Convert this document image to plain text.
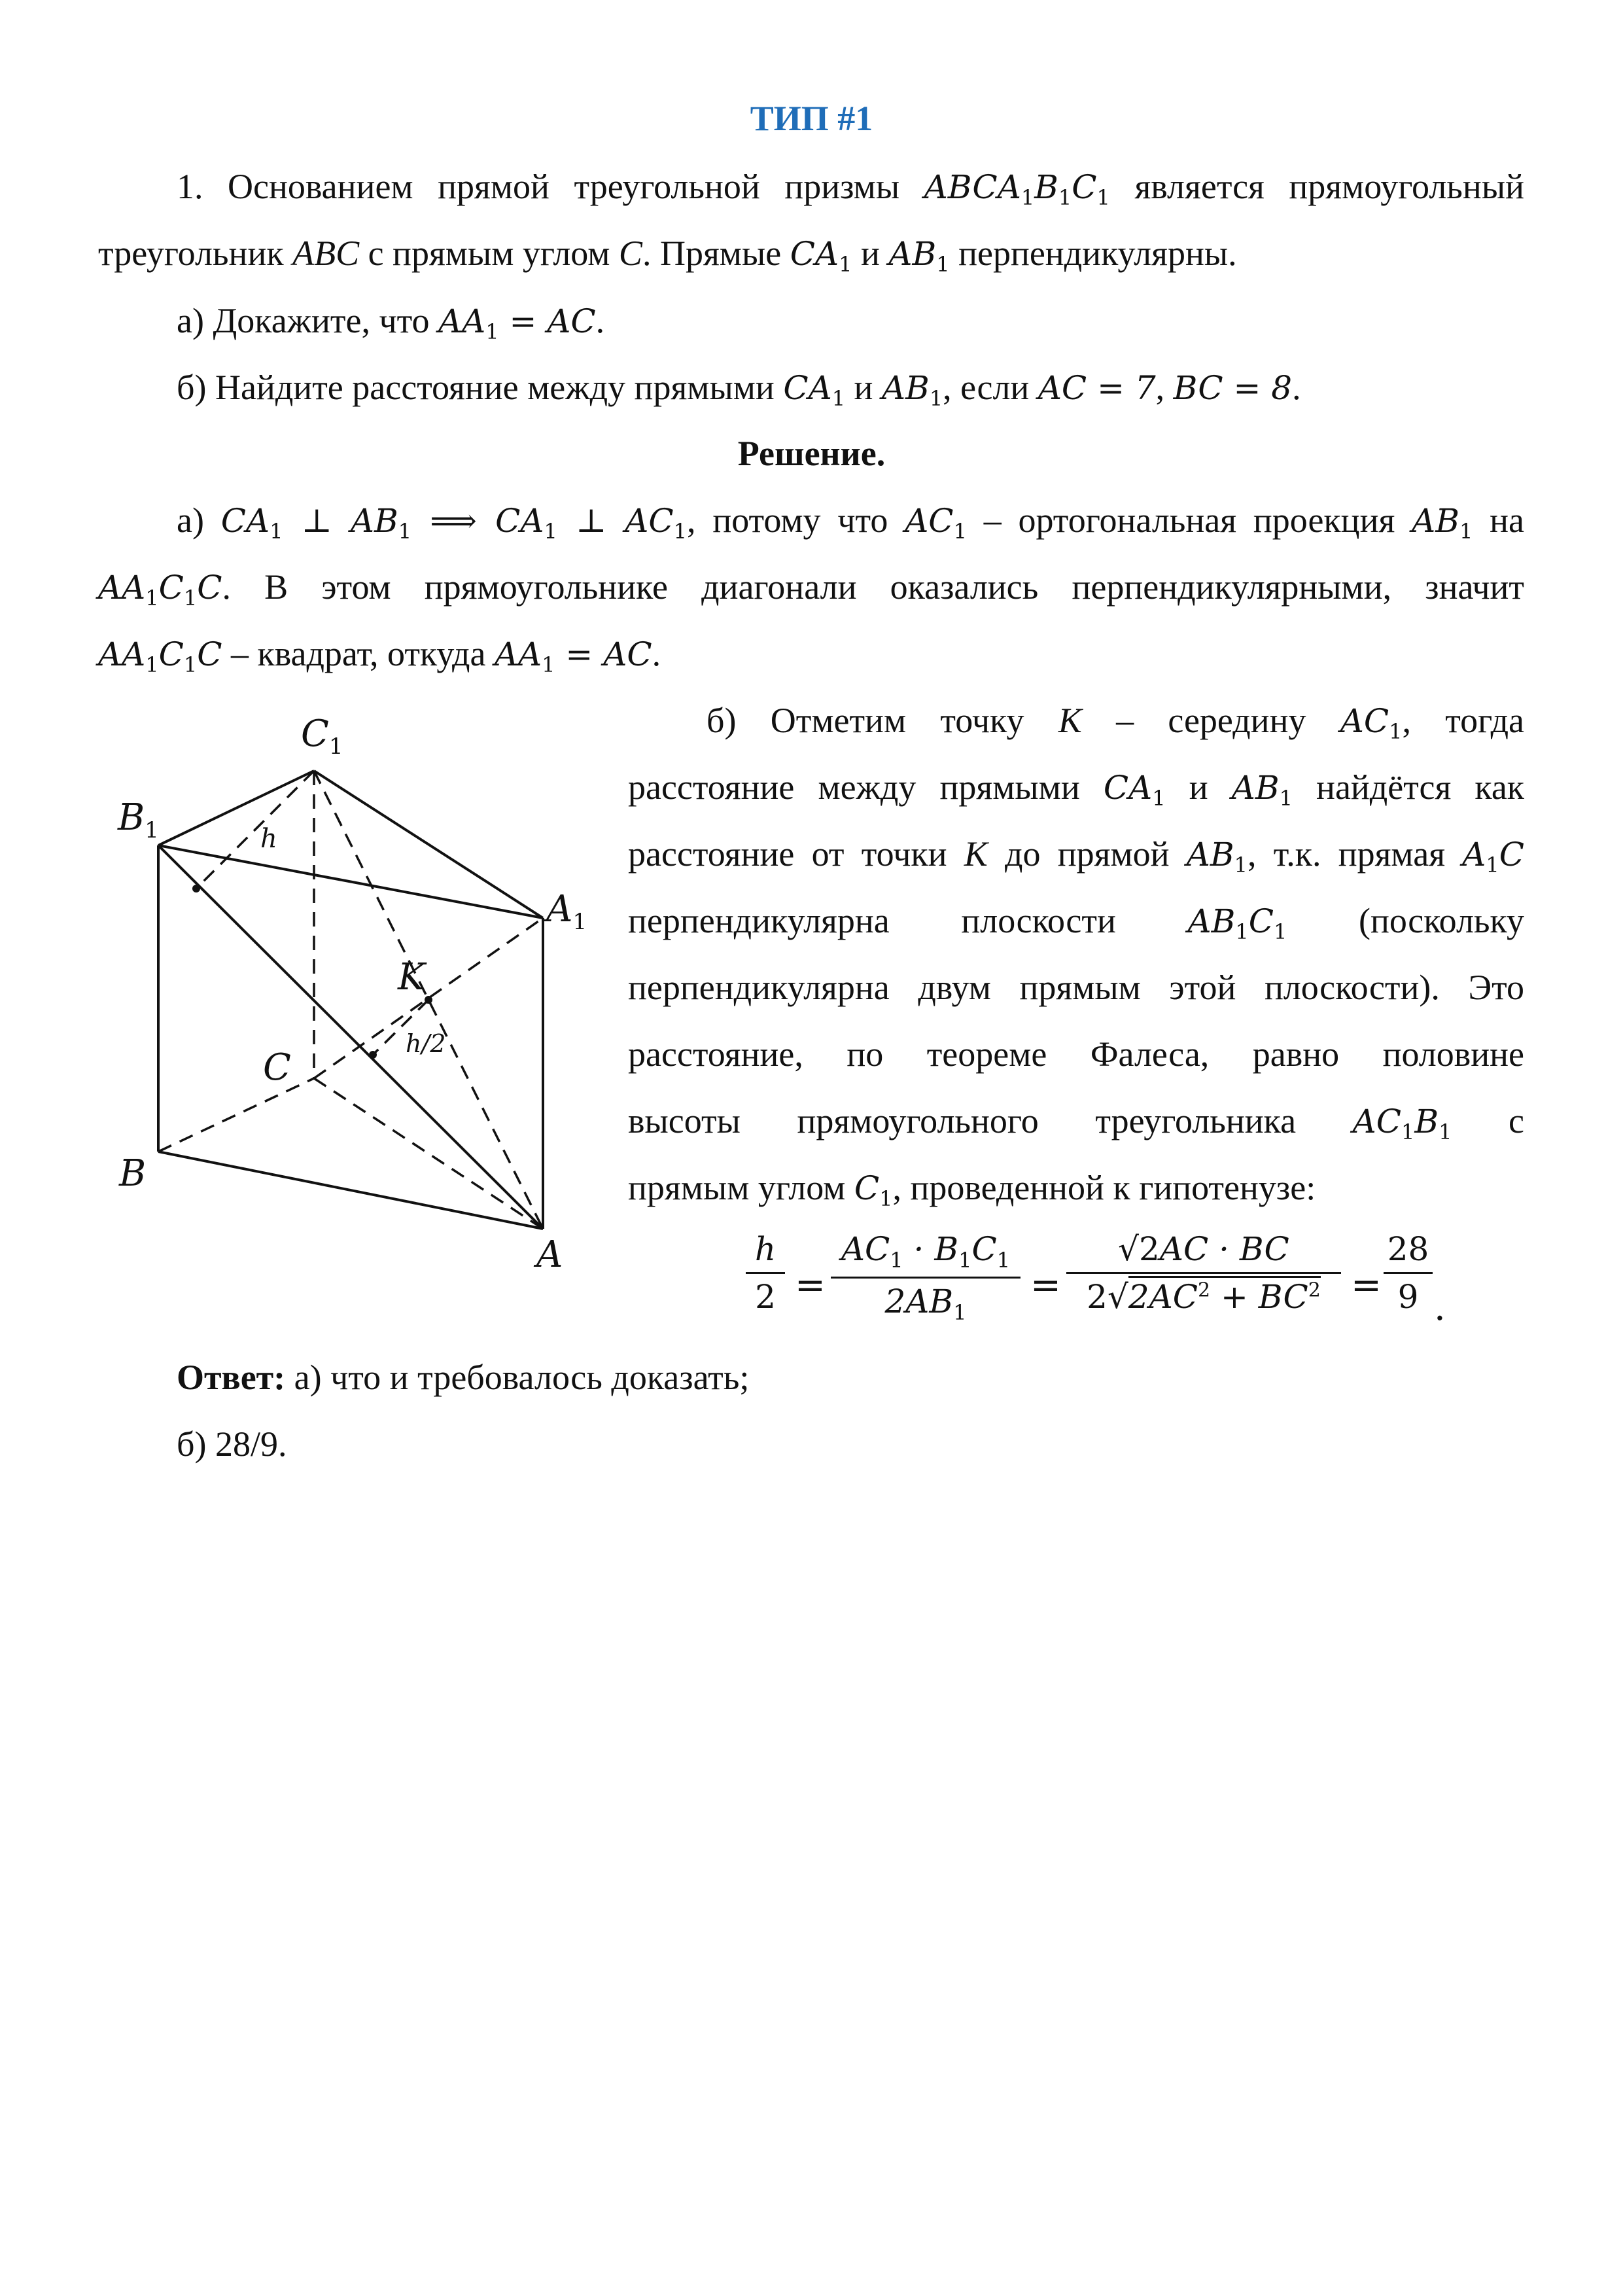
ТИП #1
1. Основанием прямой треугольной призмы $ABCA_1B_1C_1$ является прямоугольный
треугольник ABC с прямым углом C. Прямые $CA_1$ и $AB_1$ перпендикулярны.
а) Докажите, что $AA_1$ = AC.
б) Найдите расстояние между прямыми $CA_1$ и $AB_1$, если AC = 7, BC = 8.
Решение.
а) $CA_1$ ⊥ $AB_1$ ⟹ $CA_1$ ⊥ $AC_1$, потому что $AC_1$ – ортогональная проекция $AB_1$ на
$AA_1C_1C$. В этом прямоугольнике диагонали оказались перпендикулярными, значит
$AA_1C_1C$ – квадрат, откуда $AA_1$ = AC.
$C_1$
$B_1$
$A_1$
K
C
B
A
h
h/2
б) Отметим точку K – середину $AC_1$, тогда
расстояние между прямыми $CA_1$ и $AB_1$ найдётся как
расстояние от точки K до прямой $AB_1$, т.к. прямая $A_1C$
перпендикулярна плоскости $AB_1C_1$ (поскольку
перпендикулярна двум прямым этой плоскости). Это
расстояние, по теореме Фалеса, равно половине
высоты прямоугольного треугольника $AC_1B_1$ с
прямым углом $C_1$, проведенной к гипотенузе:
h
2 =
$AC_1 \cdot B_1C_1$
$2AB_1$
=
√2AC · BC
$2√2AC^2 + BC^2$ =
28
9 .
Ответ: а) что и требовалось доказать;
б) 28/9.
